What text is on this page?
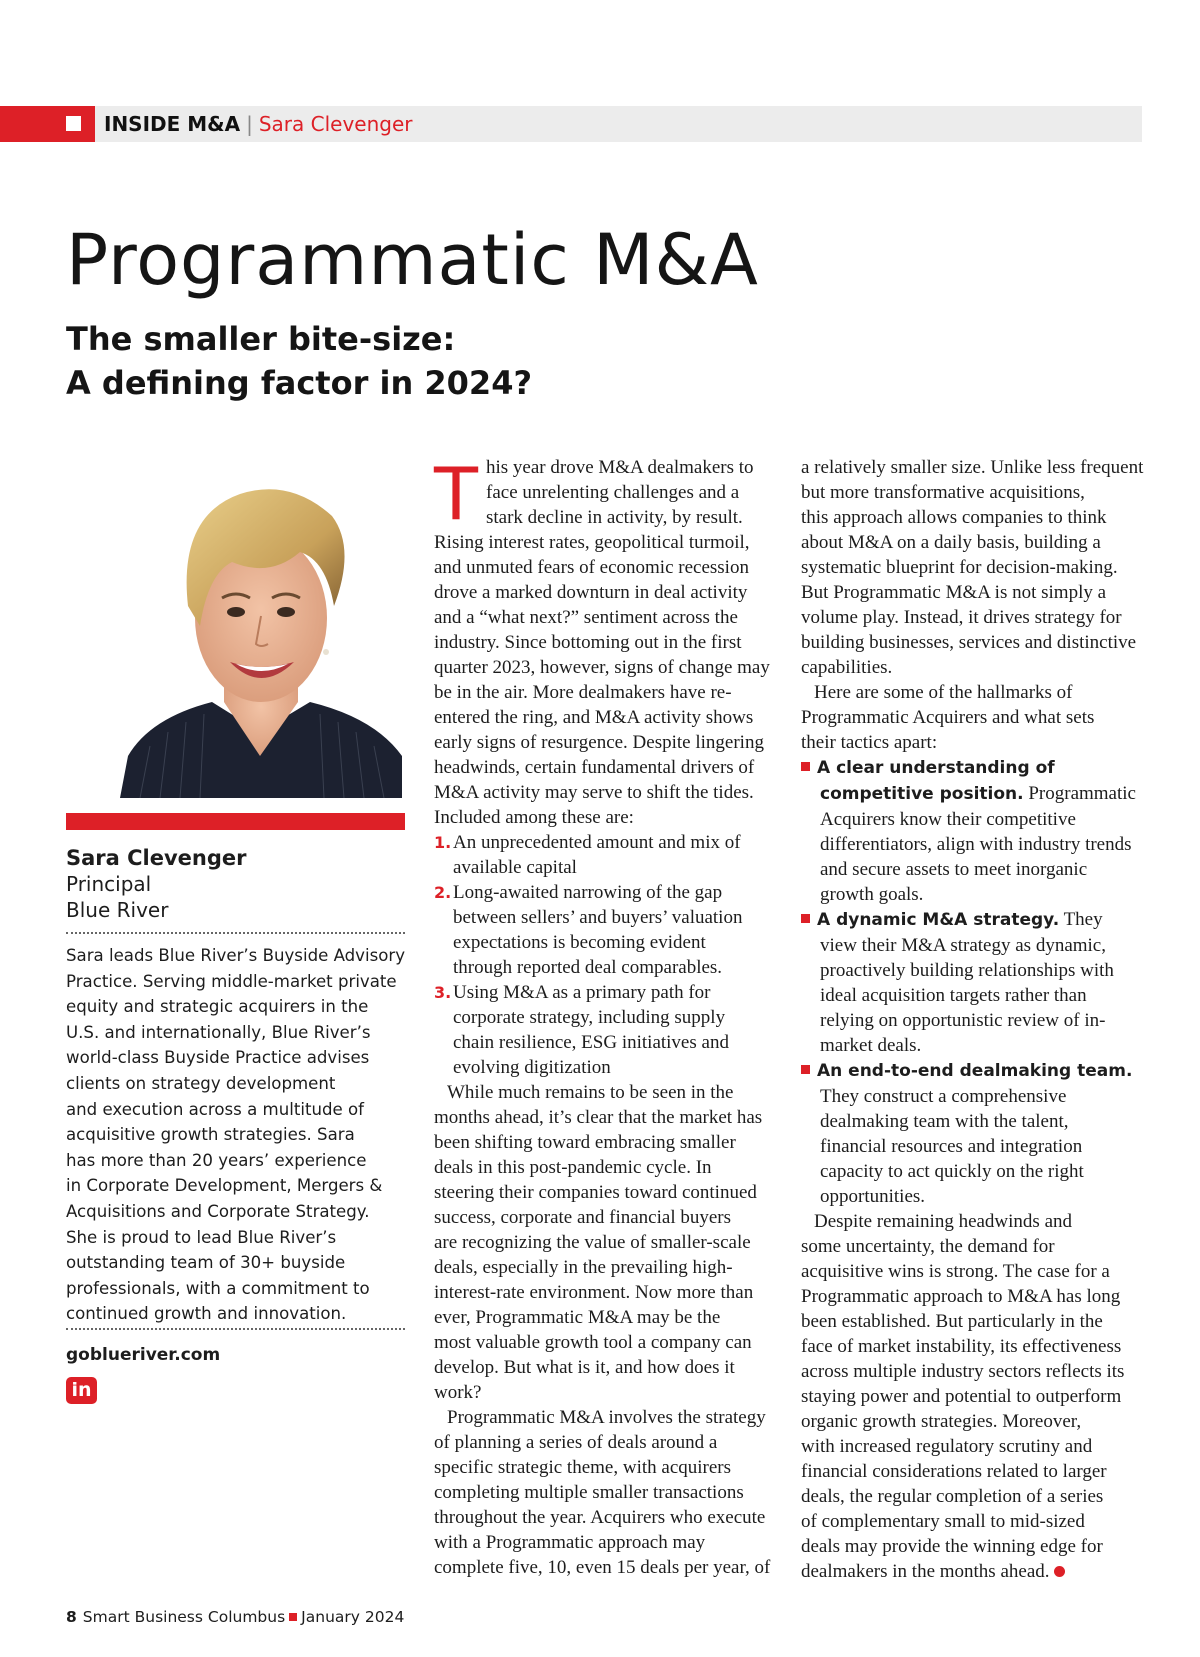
INSIDE M&A | Sara Clevenger
Programmatic M&A
The smaller bite-size:
A defining factor in 2024?
Sara Clevenger
Principal
Blue River
Sara leads Blue River’s Buyside Advisory
Practice. Serving middle-market private
equity and strategic acquirers in the
U.S. and internationally, Blue River’s
world-class Buyside Practice advises
clients on strategy development
and execution across a multitude of
acquisitive growth strategies. Sara
has more than 20 years’ experience
in Corporate Development, Mergers &
Acquisitions and Corporate Strategy.
She is proud to lead Blue River’s
outstanding team of 30+ buyside
professionals, with a commitment to
continued growth and innovation.
goblueriver.com
in
T his year drove M&A dealmakers to
face unrelenting challenges and a
stark decline in activity, by result.
Rising interest rates, geopolitical turmoil,
and unmuted fears of economic recession
drove a marked downturn in deal activity
and a “what next?” sentiment across the
industry. Since bottoming out in the first
quarter 2023, however, signs of change may
be in the air. More dealmakers have re-
entered the ring, and M&A activity shows
early signs of resurgence. Despite lingering
headwinds, certain fundamental drivers of
M&A activity may serve to shift the tides.
Included among these are:
1.An unprecedented amount and mix of
available capital
2.Long-awaited narrowing of the gap
between sellers’ and buyers’ valuation
expectations is becoming evident
through reported deal comparables.
3.Using M&A as a primary path for
corporate strategy, including supply
chain resilience, ESG initiatives and
evolving digitization
While much remains to be seen in the
months ahead, it’s clear that the market has
been shifting toward embracing smaller
deals in this post-pandemic cycle. In
steering their companies toward continued
success, corporate and financial buyers
are recognizing the value of smaller-scale
deals, especially in the prevailing high-
interest-rate environment. Now more than
ever, Programmatic M&A may be the
most valuable growth tool a company can
develop. But what is it, and how does it
work?
Programmatic M&A involves the strategy
of planning a series of deals around a
specific strategic theme, with acquirers
completing multiple smaller transactions
throughout the year. Acquirers who execute
with a Programmatic approach may
complete five, 10, even 15 deals per year, of
a relatively smaller size. Unlike less frequent
but more transformative acquisitions,
this approach allows companies to think
about M&A on a daily basis, building a
systematic blueprint for decision-making.
But Programmatic M&A is not simply a
volume play. Instead, it drives strategy for
building businesses, services and distinctive
capabilities.
Here are some of the hallmarks of
Programmatic Acquirers and what sets
their tactics apart:
A clear understanding of
competitive position. Programmatic
Acquirers know their competitive
differentiators, align with industry trends
and secure assets to meet inorganic
growth goals.
A dynamic M&A strategy. They
view their M&A strategy as dynamic,
proactively building relationships with
ideal acquisition targets rather than
relying on opportunistic review of in-
market deals.
An end-to-end dealmaking team.
They construct a comprehensive
dealmaking team with the talent,
financial resources and integration
capacity to act quickly on the right
opportunities.
Despite remaining headwinds and
some uncertainty, the demand for
acquisitive wins is strong. The case for a
Programmatic approach to M&A has long
been established. But particularly in the
face of market instability, its effectiveness
across multiple industry sectors reflects its
staying power and potential to outperform
organic growth strategies. Moreover,
with increased regulatory scrutiny and
financial considerations related to larger
deals, the regular completion of a series
of complementary small to mid-sized
deals may provide the winning edge for
dealmakers in the months ahead.
8 Smart Business Columbus January 2024
